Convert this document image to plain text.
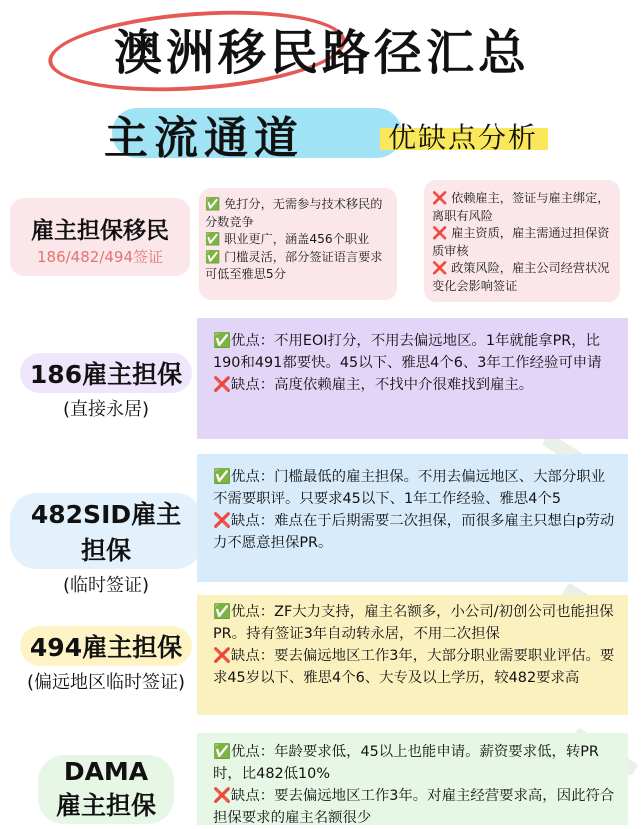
澳洲移民路径汇总
主流通道	优缺点分析
雇主担保移民
186/482/494签证
✅ 免打分，无需参与技术移民的分数竞争
✅ 职业更广，涵盖456个职业
✅ 门槛灵活，部分签证语言要求可低至雅思5分
❌ 依赖雇主，签证与雇主绑定，离职有风险
❌ 雇主资质，雇主需通过担保资质审核
❌ 政策风险，雇主公司经营状况变化会影响签证
186雇主担保
(直接永居)
✅优点：不用EOI打分，不用去偏远地区。1年就能拿PR，比190和491都要快。45以下、雅思4个6、3年工作经验可申请
❌缺点：高度依赖雇主，不找中介很难找到雇主。
482SID雇主担保
(临时签证)
✅优点：门槛最低的雇主担保。不用去偏远地区、大部分职业不需要职评。只要求45以下、1年工作经验、雅思4个5
❌缺点：难点在于后期需要二次担保，而很多雇主只想白p劳动力不愿意担保PR。
494雇主担保
(偏远地区临时签证)
✅优点：ZF大力支持，雇主名额多，小公司/初创公司也能担保PR。持有签证3年自动转永居，不用二次担保
❌缺点：要去偏远地区工作3年，大部分职业需要职业评估。要求45岁以下、雅思4个6、大专及以上学历，较482要求高
DAMA
雇主担保
✅优点：年龄要求低，45以上也能申请。薪资要求低，转PR时，比482低10%
❌缺点：要去偏远地区工作3年。对雇主经营要求高，因此符合担保要求的雇主名额很少
